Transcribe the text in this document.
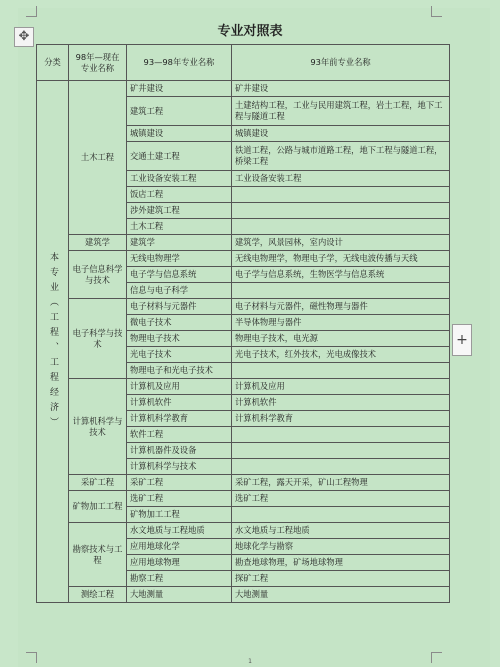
专业对照表
✥
+
分类	98年—现在专业名称	93—98年专业名称	93年前专业名称
本专业（工程、工程经济）	土木工程	矿井建设	矿井建设
		建筑工程	土建结构工程，工业与民用建筑工程，岩土工程，地下工程与隧道工程
		城镇建设	城镇建设
		交通土建工程	铁道工程，公路与城市道路工程，地下工程与隧道工程，桥梁工程
		工业设备安装工程	工业设备安装工程
		饭店工程	
		涉外建筑工程	
		土木工程	
	建筑学	建筑学	建筑学，风景园林，室内设计
	电子信息科学与技术	无线电物理学	无线电物理学，物理电子学，无线电波传播与天线
		电子学与信息系统	电子学与信息系统，生物医学与信息系统
		信息与电子科学	
	电子科学与技术	电子材料与元器件	电子材料与元器件，磁性物理与器件
		微电子技术	半导体物理与器件
		物理电子技术	物理电子技术，电光源
		光电子技术	光电子技术，红外技术，光电成像技术
		物理电子和光电子技术	
	计算机科学与技术	计算机及应用	计算机及应用
		计算机软件	计算机软件
		计算机科学教育	计算机科学教育
		软件工程	
		计算机器件及设备	
		计算机科学与技术	
	采矿工程	采矿工程	采矿工程，露天开采，矿山工程物理
	矿物加工工程	选矿工程	选矿工程
		矿物加工工程	
	勘察技术与工程	水文地质与工程地质	水文地质与工程地质
		应用地球化学	地球化学与勘察
		应用地球物理	勘查地球物理，矿场地球物理
		勘察工程	探矿工程
	测绘工程	大地测量	大地测量
1
